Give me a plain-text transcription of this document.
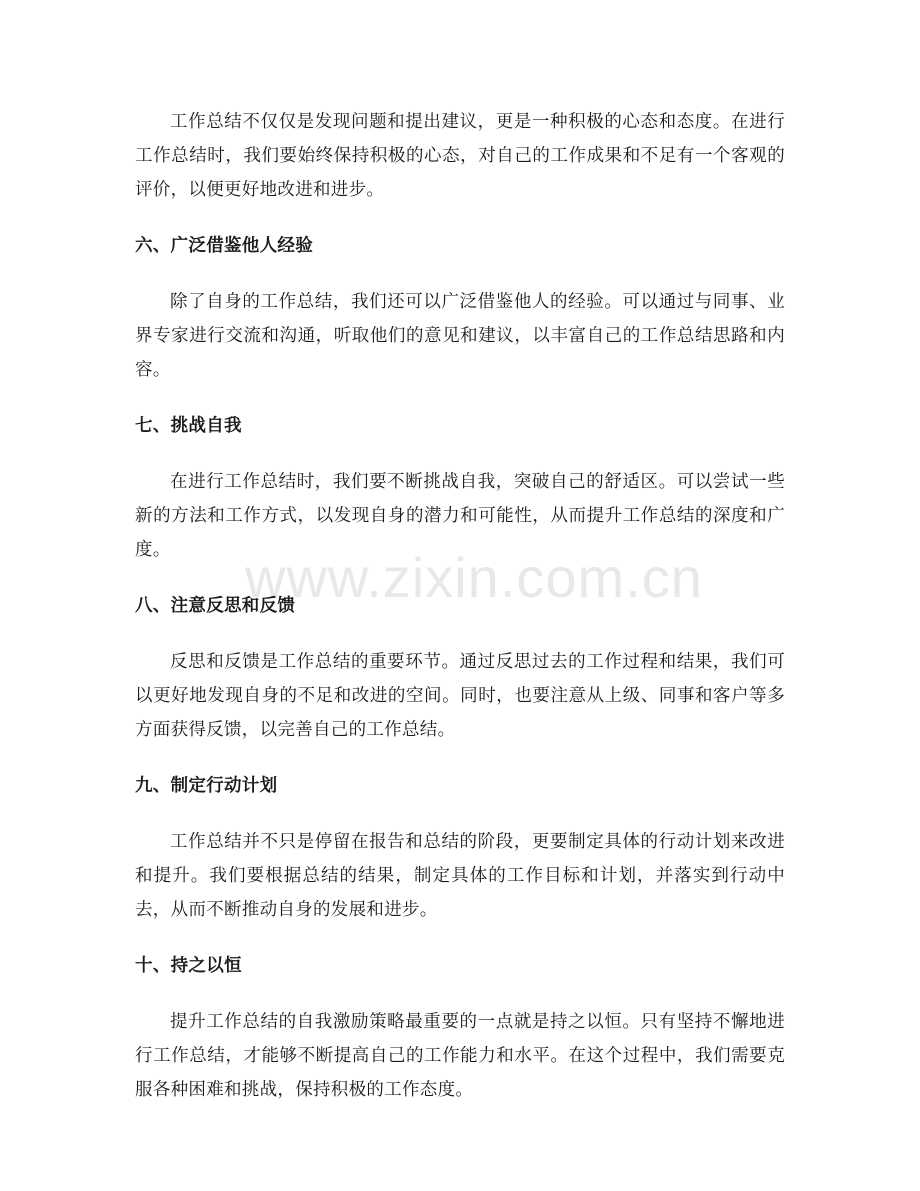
www.zixin.com.cn

工作总结不仅仅是发现问题和提出建议，更是一种积极的心态和态度。在进行工作总结时，我们要始终保持积极的心态，对自己的工作成果和不足有一个客观的评价，以便更好地改进和进步。

六、广泛借鉴他人经验

除了自身的工作总结，我们还可以广泛借鉴他人的经验。可以通过与同事、业界专家进行交流和沟通，听取他们的意见和建议，以丰富自己的工作总结思路和内容。

七、挑战自我

在进行工作总结时，我们要不断挑战自我，突破自己的舒适区。可以尝试一些新的方法和工作方式，以发现自身的潜力和可能性，从而提升工作总结的深度和广度。

八、注意反思和反馈

反思和反馈是工作总结的重要环节。通过反思过去的工作过程和结果，我们可以更好地发现自身的不足和改进的空间。同时，也要注意从上级、同事和客户等多方面获得反馈，以完善自己的工作总结。

九、制定行动计划

工作总结并不只是停留在报告和总结的阶段，更要制定具体的行动计划来改进和提升。我们要根据总结的结果，制定具体的工作目标和计划，并落实到行动中去，从而不断推动自身的发展和进步。

十、持之以恒

提升工作总结的自我激励策略最重要的一点就是持之以恒。只有坚持不懈地进行工作总结，才能够不断提高自己的工作能力和水平。在这个过程中，我们需要克服各种困难和挑战，保持积极的工作态度。
